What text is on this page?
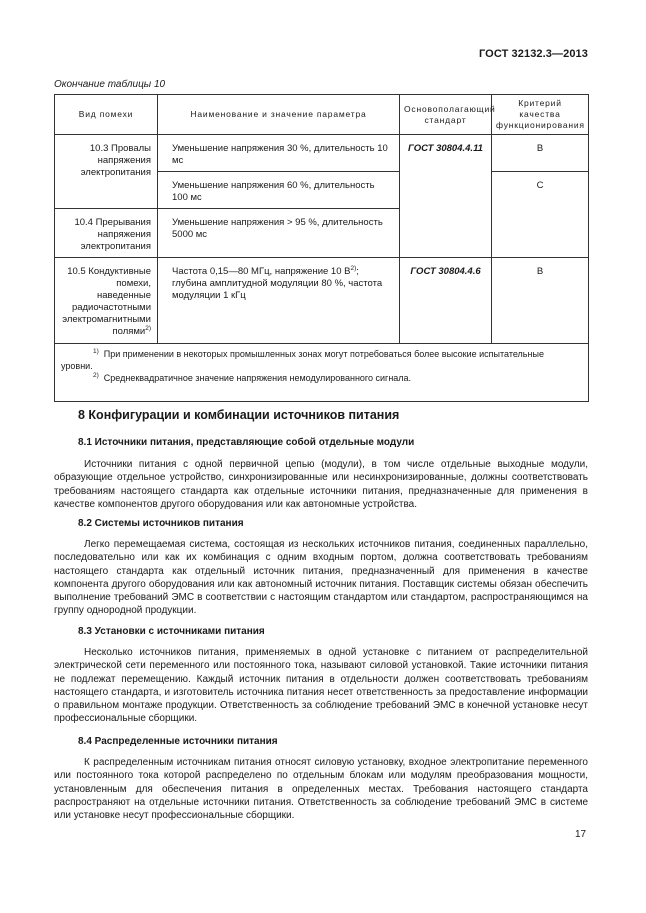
ГОСТ 32132.3—2013
Окончание таблицы 10
Вид помехи	Наименование и значение параметра	Основополагающий стандарт	Критерий качества функционирования
10.3 Провалы напряжения электропитания	Уменьшение напряжения 30 %, длительность 10 мс	ГОСТ 30804.4.11	B
	Уменьшение напряжения 60 %, длительность 100 мс		C
10.4 Прерывания напряжения электропитания	Уменьшение напряжения > 95 %, длительность 5000 мс		
10.5 Кондуктивные помехи, наведенные радиочастотными электромагнитными полями$^{2)}$	Частота 0,15—80 МГц, напряжение 10 $В^{2)}$; глубина амплитудной модуляции 80 %, частота модуляции 1 кГц	ГОСТ 30804.4.6	B

$^{1)}$ При применении в некоторых промышленных зонах могут потребоваться более высокие испытательные уровни.

$^{2)}$ Среднеквадратичное значение напряжения немодулированного сигнала.			

8 Конфигурации и комбинации источников питания
8.1 Источники питания, представляющие собой отдельные модули

Источники питания с одной первичной цепью (модули), в том числе отдельные выходные модули, образующие отдельное устройство, синхронизированные или несинхронизированные, должны соответствовать требованиям настоящего стандарта как отдельные источники питания, предназначенные для применения в качестве компонентов другого оборудования или как автономные устройства.

8.2 Системы источников питания

Легко перемещаемая система, состоящая из нескольких источников питания, соединенных параллельно, последовательно или как их комбинация с одним входным портом, должна соответствовать требованиям настоящего стандарта как отдельный источник питания, предназначенный для применения в качестве компонента другого оборудования или как автономный источник питания. Поставщик системы обязан обеспечить выполнение требований ЭМС в соответствии с настоящим стандартом или стандартом, распространяющимся на группу однородной продукции.

8.3 Установки с источниками питания

Несколько источников питания, применяемых в одной установке с питанием от распределительной электрической сети переменного или постоянного тока, называют силовой установкой. Такие источники питания не подлежат перемещению. Каждый источник питания в отдельности должен соответствовать требованиям настоящего стандарта, и изготовитель источника питания несет ответственность за предоставление информации о правильном монтаже продукции. Ответственность за соблюдение требований ЭМС в конечной установке несут профессиональные сборщики.

8.4 Распределенные источники питания

К распределенным источникам питания относят силовую установку, входное электропитание переменного или постоянного тока которой распределено по отдельным блокам или модулям преобразования мощности, установленным для обеспечения питания в определенных местах. Требования настоящего стандарта распространяют на отдельные источники питания. Ответственность за соблюдение требований ЭМС в системе или установке несут профессиональные сборщики.

17
